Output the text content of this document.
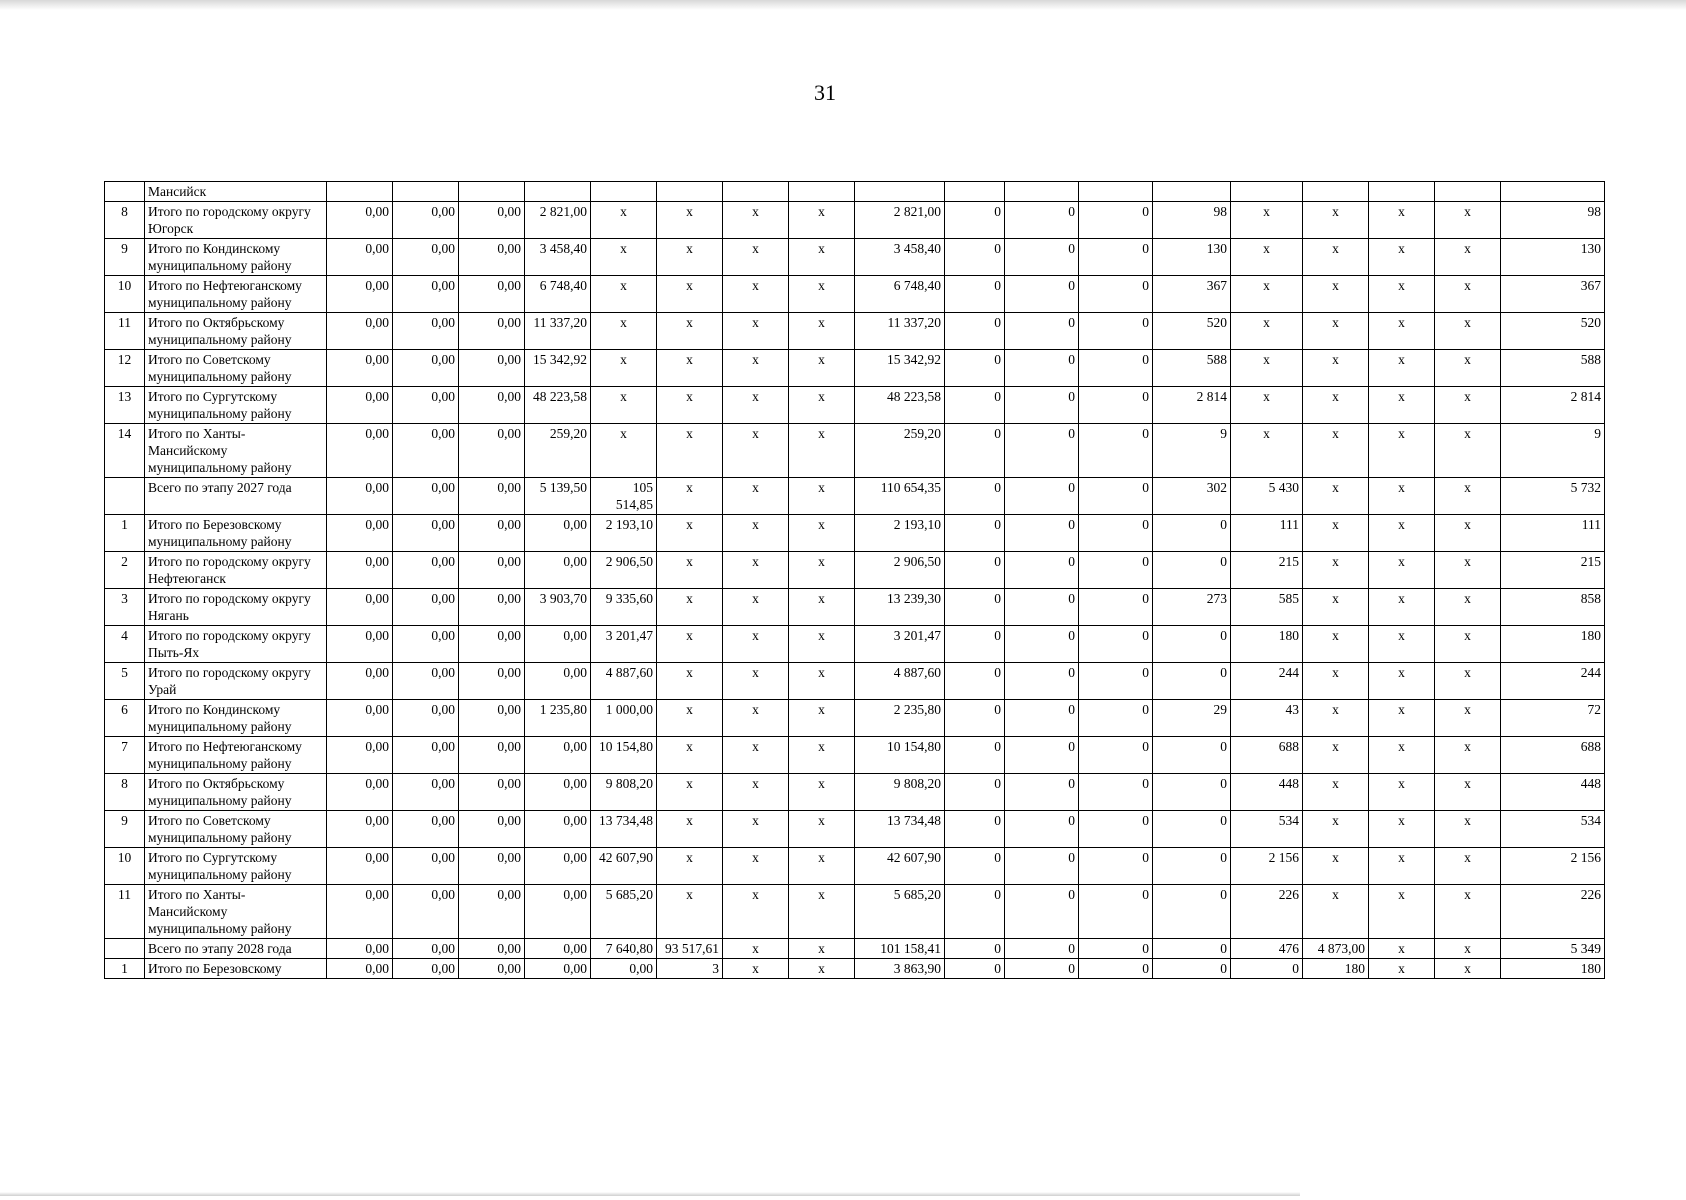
31
	Мансийск																		
8	Итого по городскому округу Югорск	0,00	0,00	0,00	2 821,00	x	x	x	x	2 821,00	0	0	0	98	x	x	x	x	98
9	Итого по Кондинскому муниципальному району	0,00	0,00	0,00	3 458,40	x	x	x	x	3 458,40	0	0	0	130	x	x	x	x	130
10	Итого по Нефтеюганскому муниципальному району	0,00	0,00	0,00	6 748,40	x	x	x	x	6 748,40	0	0	0	367	x	x	x	x	367
11	Итого по Октябрьскому муниципальному району	0,00	0,00	0,00	11 337,20	x	x	x	x	11 337,20	0	0	0	520	x	x	x	x	520
12	Итого по Советскому муниципальному району	0,00	0,00	0,00	15 342,92	x	x	x	x	15 342,92	0	0	0	588	x	x	x	x	588
13	Итого по Сургутскому муниципальному району	0,00	0,00	0,00	48 223,58	x	x	x	x	48 223,58	0	0	0	2 814	x	x	x	x	2 814
14	Итого по Ханты-Мансийскому муниципальному району	0,00	0,00	0,00	259,20	x	x	x	x	259,20	0	0	0	9	x	x	x	x	9
	Всего по этапу 2027 года	0,00	0,00	0,00	5 139,50	105 514,85	x	x	x	110 654,35	0	0	0	302	5 430	x	x	x	5 732
1	Итого по Березовскому муниципальному району	0,00	0,00	0,00	0,00	2 193,10	x	x	x	2 193,10	0	0	0	0	111	x	x	x	111
2	Итого по городскому округу Нефтеюганск	0,00	0,00	0,00	0,00	2 906,50	x	x	x	2 906,50	0	0	0	0	215	x	x	x	215
3	Итого по городскому округу Нягань	0,00	0,00	0,00	3 903,70	9 335,60	x	x	x	13 239,30	0	0	0	273	585	x	x	x	858
4	Итого по городскому округу Пыть-Ях	0,00	0,00	0,00	0,00	3 201,47	x	x	x	3 201,47	0	0	0	0	180	x	x	x	180
5	Итого по городскому округу Урай	0,00	0,00	0,00	0,00	4 887,60	x	x	x	4 887,60	0	0	0	0	244	x	x	x	244
6	Итого по Кондинскому муниципальному району	0,00	0,00	0,00	1 235,80	1 000,00	x	x	x	2 235,80	0	0	0	29	43	x	x	x	72
7	Итого по Нефтеюганскому муниципальному району	0,00	0,00	0,00	0,00	10 154,80	x	x	x	10 154,80	0	0	0	0	688	x	x	x	688
8	Итого по Октябрьскому муниципальному району	0,00	0,00	0,00	0,00	9 808,20	x	x	x	9 808,20	0	0	0	0	448	x	x	x	448
9	Итого по Советскому муниципальному району	0,00	0,00	0,00	0,00	13 734,48	x	x	x	13 734,48	0	0	0	0	534	x	x	x	534
10	Итого по Сургутскому муниципальному району	0,00	0,00	0,00	0,00	42 607,90	x	x	x	42 607,90	0	0	0	0	2 156	x	x	x	2 156
11	Итого по Ханты-Мансийскому муниципальному району	0,00	0,00	0,00	0,00	5 685,20	x	x	x	5 685,20	0	0	0	0	226	x	x	x	226
	Всего по этапу 2028 года	0,00	0,00	0,00	0,00	7 640,80	93 517,61	x	x	101 158,41	0	0	0	0	476	4 873,00	x	x	5 349
1	Итого по Березовскому	0,00	0,00	0,00	0,00	0,00	3	x	x	3 863,90	0	0	0	0	0	180	x	x	180
